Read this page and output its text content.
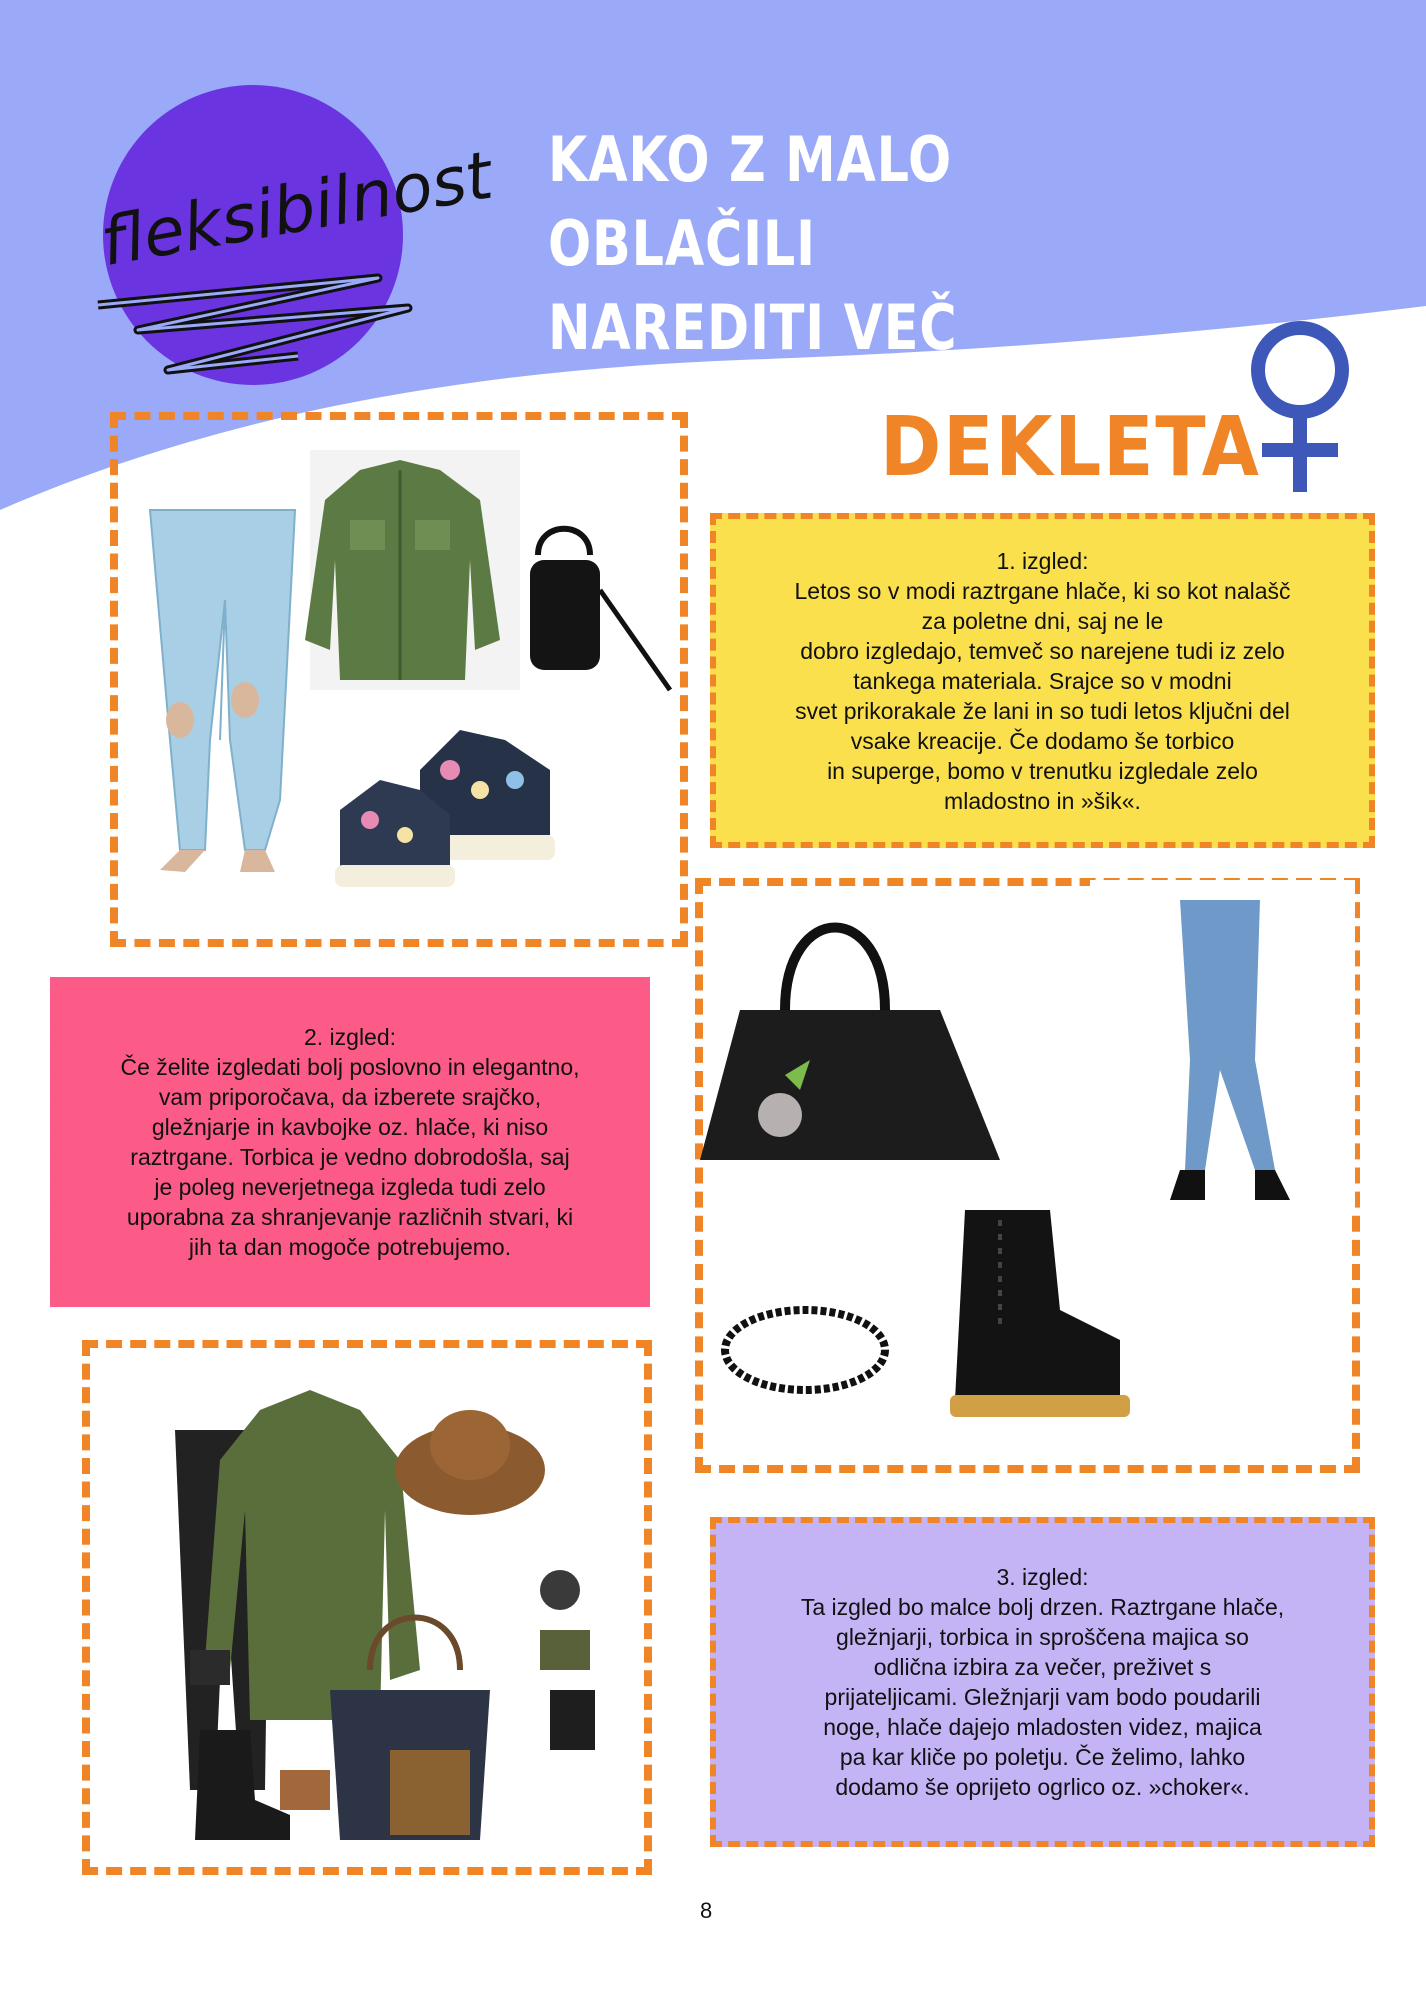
fleksibilnost KAKO Z MALO OBLAČILI
NAREDITI VEČ IZGLEDOV? DEKLETA

1. izgled:

Letos so v modi raztrgane hlače, ki so kot nalašč

za poletne dni, saj ne le

dobro izgledajo, temveč so narejene tudi iz zelo

tankega materiala. Srajce so v modni

svet prikorakale že lani in so tudi letos ključni del

vsake kreacije. Če dodamo še torbico

in superge, bomo v trenutku izgledale zelo

mladostno in »šik«.

2. izgled:

Če želite izgledati bolj poslovno in elegantno,

vam priporočava, da izberete srajčko,

gležnjarje in kavbojke oz. hlače, ki niso

raztrgane. Torbica je vedno dobrodošla, saj

je poleg neverjetnega izgleda tudi zelo

uporabna za shranjevanje različnih stvari, ki

jih ta dan mogoče potrebujemo.

3. izgled:

Ta izgled bo malce bolj drzen. Raztrgane hlače,

gležnjarji, torbica in sproščena majica so

odlična izbira za večer, preživet s

prijateljicami. Gležnjarji vam bodo poudarili

noge, hlače dajejo mladosten videz, majica

pa kar kliče po poletju. Če želimo, lahko

dodamo še oprijeto ogrlico oz. »choker«.

8
